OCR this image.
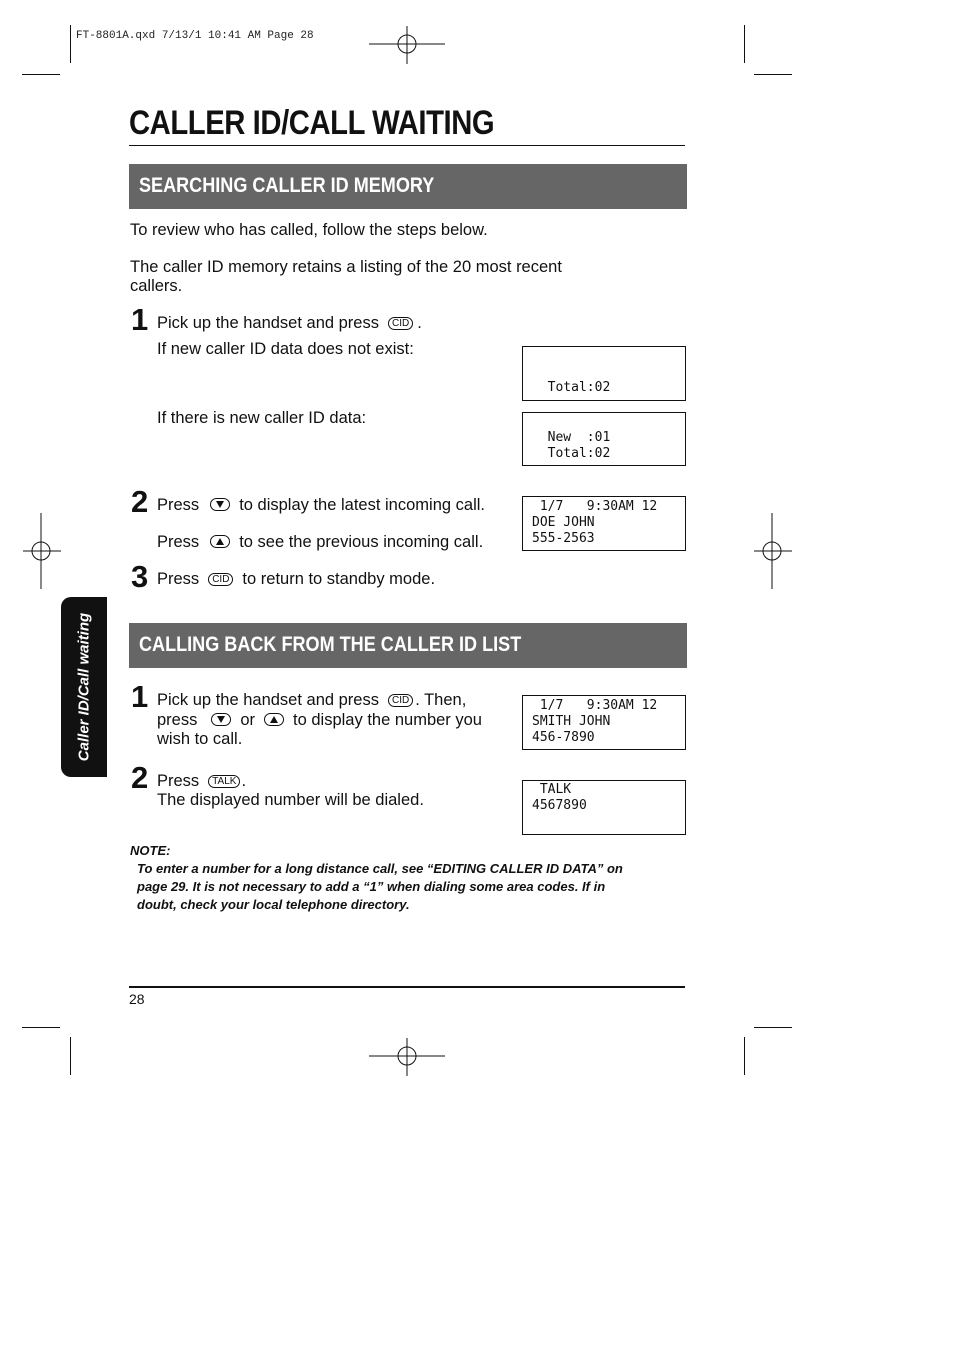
FT-8801A.qxd 7/13/1 10:41 AM Page 28
CALLER ID/CALL WAITING
Caller ID/Call waiting
SEARCHING CALLER ID MEMORY
To review who has called, follow the steps below.
The caller ID memory retains a listing of the 20 most recent
callers.
1 Pick up the handset and press CID .
If new caller ID data does not exist:
If there is new caller ID data:
2 Press to display the latest incoming call.
Press to see the previous incoming call.
3 Press CID to return to standby mode.
Total:02
New  :01
Total:02
1/7   9:30AM 12
DOE JOHN
555-2563
CALLING BACK FROM THE CALLER ID LIST
1 Pick up the handset and press CID . Then,
press	or to display the number you
wish to call.
2 Press TALK .
The displayed number will be dialed.
1/7   9:30AM 12
SMITH JOHN
456-7890
TALK
4567890
NOTE:
To enter a number for a long distance call, see “EDITING CALLER ID DATA” on
page 29. It is not necessary to add a “1” when dialing some area codes. If in
doubt, check your local telephone directory.
28
